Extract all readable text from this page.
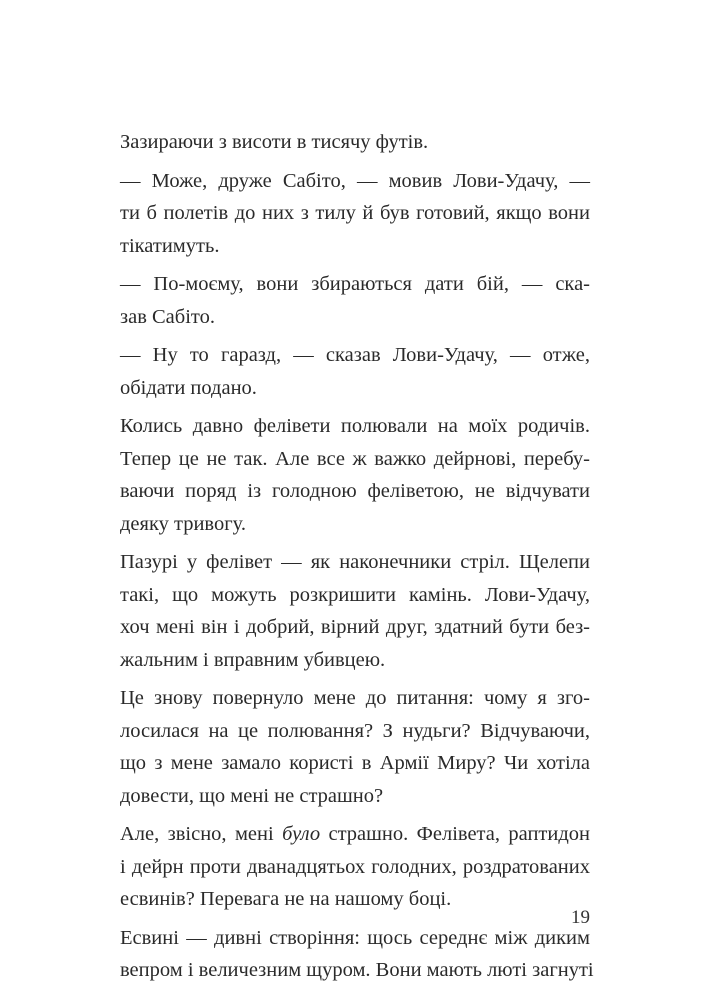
Зазираючи з висоти в тисячу футів.

— Може, друже Сабіто, — мовив Лови-Удачу, —
ти б полетів до них з тилу й був готовий, якщо вони
тікатимуть.

— По-моєму, вони збираються дати бій, — ска-
зав Сабіто.

— Ну то гаразд, — сказав Лови-Удачу, — отже,
обідати подано.

Колись давно фелівети полювали на моїх родичів.
Тепер це не так. Але все ж важко дейрнові, перебу-
ваючи поряд із голодною фелівeтою, не відчувати
деяку тривогу.

Пазурі у фелівет — як наконечники стріл. Щелепи
такі, що можуть розкришити камінь. Лови-Удачу,
хоч мені він і добрий, вірний друг, здатний бути без-
жальним і вправним убивцею.

Це знову повернуло мене до питання: чому я зго-
лосилася на це полювання? З нудьги? Відчуваючи,
що з мене замало користі в Армії Миру? Чи хотіла
довести, що мені не страшно?

Але, звісно, мені було страшно. Фелівета, раптидон
і дейрн проти дванадцятьох голодних, роздратованих
есвинів? Перевага не на нашому боці.

Есвині — дивні створіння: щось середнє між диким
вепром і величезним щуром. Вони мають люті загнуті

19
